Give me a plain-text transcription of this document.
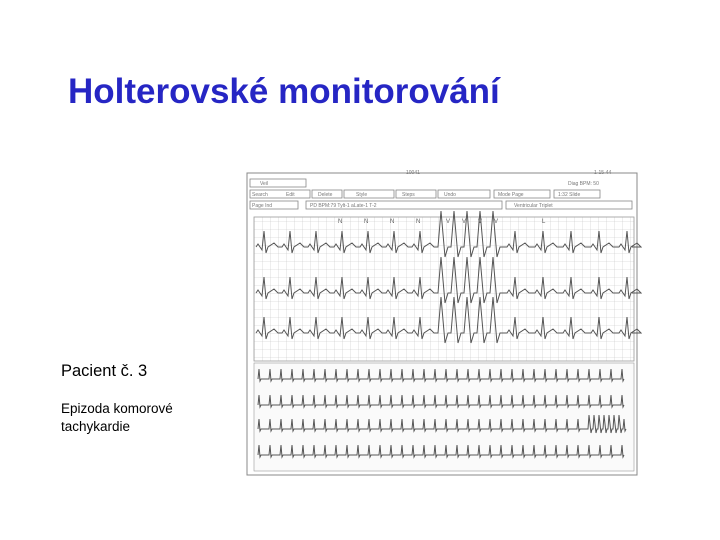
Holterovské monitorování
Pacient č. 3
Epizoda komorové tachykardie
Veil
Search	Edit	Delete	Style	Steps	Undo	Mode Page	1:32 Slide
Diag BPM: 50
Page Ind	PD BPM:79 Tylt-1 aLate-1 T-2	Ventricular Triplet
10041	1-15-44
